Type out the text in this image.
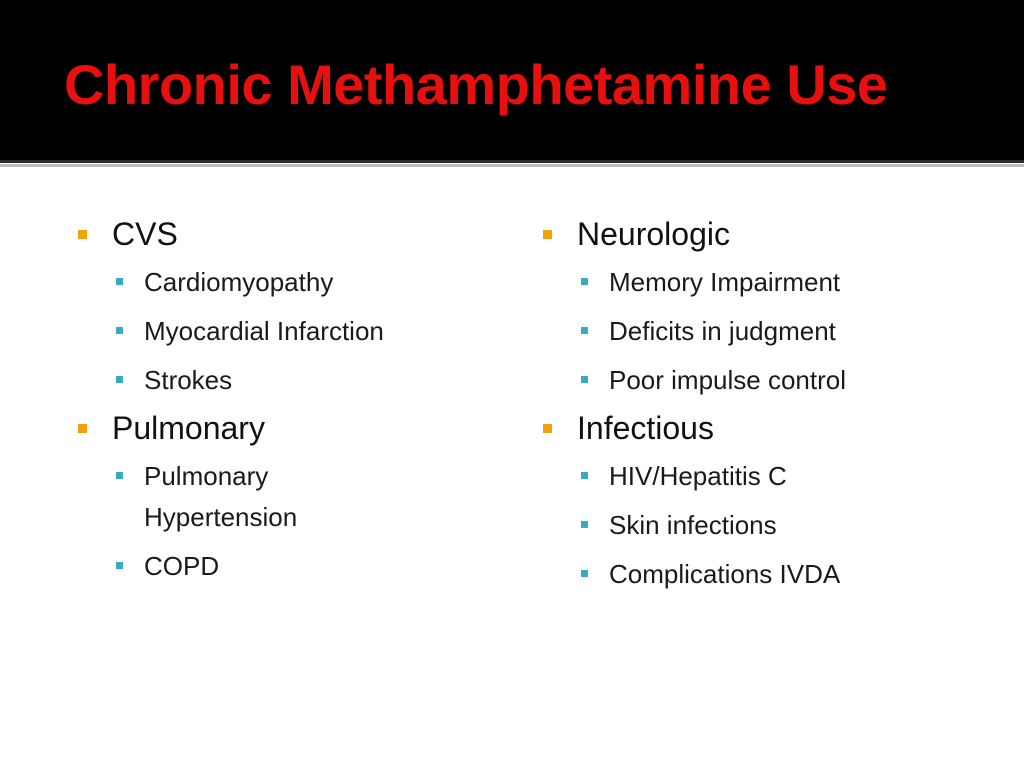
Chronic Methamphetamine Use
CVS
Cardiomyopathy
Myocardial Infarction
Strokes
Pulmonary
Pulmonary Hypertension
COPD
Neurologic
Memory Impairment
Deficits in judgment
Poor impulse control
Infectious
HIV/Hepatitis C
Skin infections
Complications IVDA
